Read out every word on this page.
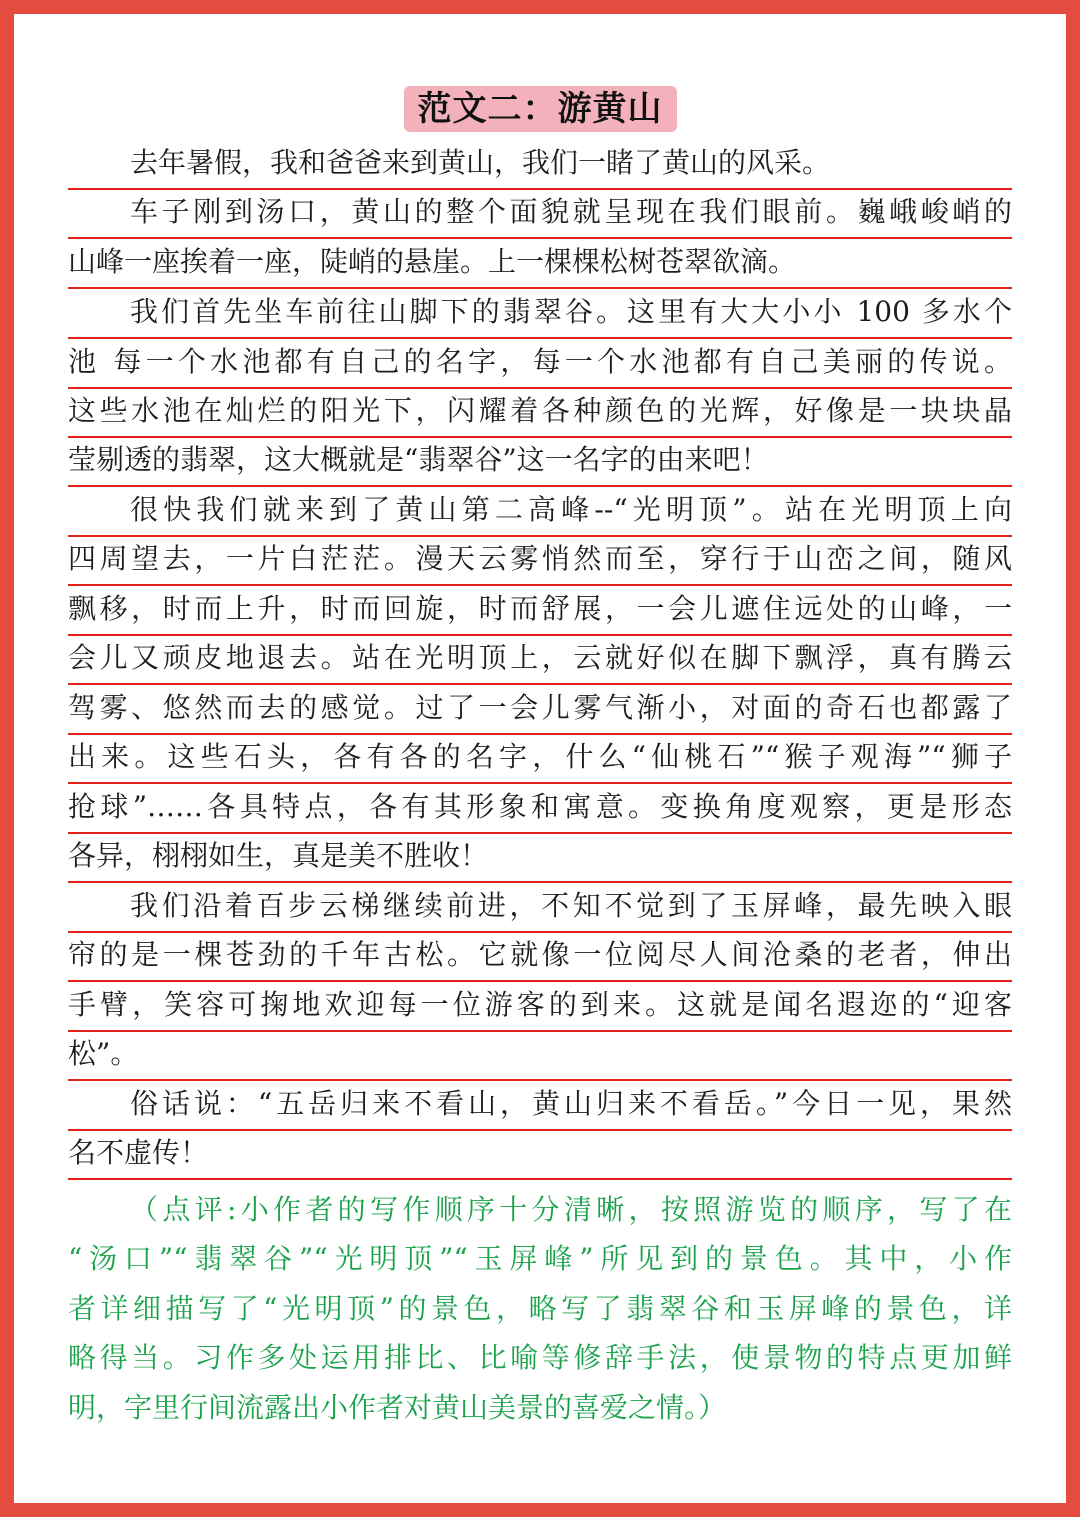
范文二：游黄山
去年暑假，我和爸爸来到黄山，我们一睹了黄山的风采。
车子刚到汤口，黄山的整个面貌就呈现在我们眼前。巍峨峻峭的
山峰一座挨着一座，陡峭的悬崖。上一棵棵松树苍翠欲滴。
我们首先坐车前往山脚下的翡翠谷。这里有大大小小 100 多水个
池 每一个水池都有自己的名字，每一个水池都有自己美丽的传说。
这些水池在灿烂的阳光下，闪耀着各种颜色的光辉，好像是一块块晶
莹剔透的翡翠，这大概就是“翡翠谷”这一名字的由来吧！
很快我们就来到了黄山第二高峰--“光明顶”。站在光明顶上向
四周望去，一片白茫茫。漫天云雾悄然而至，穿行于山峦之间，随风
飘移，时而上升，时而回旋，时而舒展，一会儿遮住远处的山峰，一
会儿又顽皮地退去。站在光明顶上，云就好似在脚下飘浮，真有腾云
驾雾、悠然而去的感觉。过了一会儿雾气渐小，对面的奇石也都露了
出来。这些石头，各有各的名字，什么“仙桃石”“猴子观海”“狮子
抢球”……各具特点，各有其形象和寓意。变换角度观察，更是形态
各异，栩栩如生，真是美不胜收！
我们沿着百步云梯继续前进，不知不觉到了玉屏峰，最先映入眼
帘的是一棵苍劲的千年古松。它就像一位阅尽人间沧桑的老者，伸出
手臂，笑容可掬地欢迎每一位游客的到来。这就是闻名遐迩的“迎客
松”。
俗话说：“五岳归来不看山，黄山归来不看岳。”今日一见，果然
名不虚传！
（点评:小作者的写作顺序十分清晰，按照游览的顺序，写了在
“汤口”“翡翠谷”“光明顶”“玉屏峰”所见到的景色。其中，小作
者详细描写了“光明顶”的景色，略写了翡翠谷和玉屏峰的景色，详
略得当。习作多处运用排比、比喻等修辞手法，使景物的特点更加鲜
明，字里行间流露出小作者对黄山美景的喜爱之情。）
